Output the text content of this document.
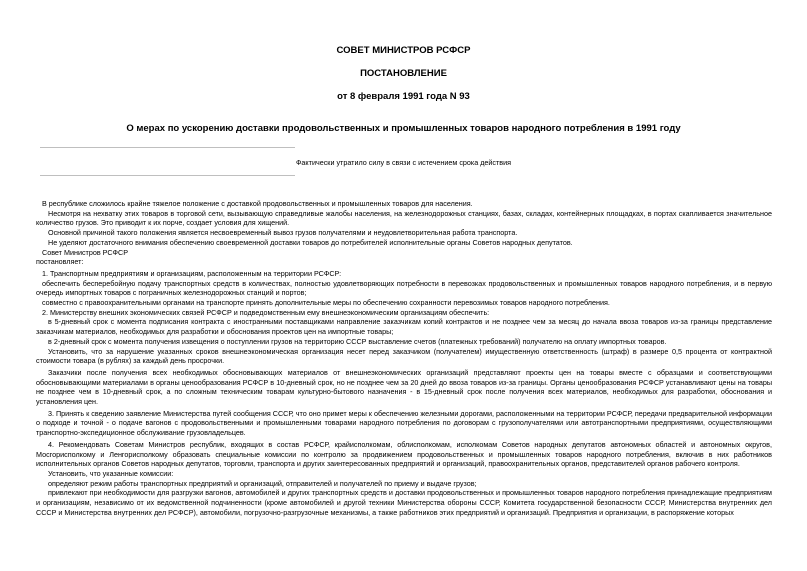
СОВЕТ МИНИСТРОВ РСФСР
ПОСТАНОВЛЕНИЕ
от 8 февраля 1991 года N 93
О мерах по ускорению доставки продовольственных и промышленных товаров народного потребления в 1991 году
Фактически утратило силу в связи с истечением срока действия

В республике сложилось крайне тяжелое положение с доставкой продовольственных и промышленных товаров для населения.

Несмотря на нехватку этих товаров в торговой сети, вызывающую справедливые жалобы населения, на железнодорожных станциях, базах, складах, контейнерных площадках, в портах скапливается значительное количество грузов. Это приводит к их порче, создает условия для хищений.

Основной причиной такого положения является несвоевременный вывоз грузов получателями и неудовлетворительная работа транспорта.

Не уделяют достаточного внимания обеспечению своевременной доставки товаров до потребителей исполнительные органы Советов народных депутатов.

Совет Министров РСФСР

постановляет:

1. Транспортным предприятиям и организациям, расположенным на территории РСФСР:

обеспечить бесперебойную подачу транспортных средств в количествах, полностью удовлетворяющих потребности в перевозках продовольственных и промышленных товаров народного потребления, и в первую очередь импортных товаров с пограничных железнодорожных станций и портов;

совместно с правоохранительными органами на транспорте принять дополнительные меры по обеспечению сохранности перевозимых товаров народного потребления.

2. Министерству внешних экономических связей РСФСР и подведомственным ему внешнеэкономическим организациям обеспечить:

в 5-дневный срок с момента подписания контракта с иностранными поставщиками направление заказчикам копий контрактов и не позднее чем за месяц до начала ввоза товаров из-за границы представление заказчикам материалов, необходимых для разработки и обоснования проектов цен на импортные товары;

в 2-дневный срок с момента получения извещения о поступлении грузов на территорию СССР выставление счетов (платежных требований) получателю на оплату импортных товаров.

Установить, что за нарушение указанных сроков внешнеэкономическая организация несет перед заказчиком (получателем) имущественную ответственность (штраф) в размере 0,5 процента от контрактной стоимости товара (в рублях) за каждый день просрочки.

Заказчики после получения всех необходимых обосновывающих материалов от внешнеэкономических организаций представляют проекты цен на товары вместе с образцами и соответствующими обосновывающими материалами в органы ценообразования РСФСР в 10-дневный срок, но не позднее чем за 20 дней до ввоза товаров из-за границы. Органы ценообразования РСФСР устанавливают цены на товары не позднее чем в 10-дневный срок, а по сложным техническим товарам культурно-бытового назначения - в 15-дневный срок после получения всех материалов, необходимых для разработки, обоснования и установления цен.

3. Принять к сведению заявление Министерства путей сообщения СССР, что оно примет меры к обеспечению железными дорогами, расположенными на территории РСФСР, передачи предварительной информации о подходе и точной - о подаче вагонов с продовольственными и промышленными товарами народного потребления по договорам с грузополучателями или автотранспортными предприятиями, осуществляющими транспортно-экспедиционное обслуживание грузовладельцев.

4. Рекомендовать Советам Министров республик, входящих в состав РСФСР, крайисполкомам, облисполкомам, исполкомам Советов народных депутатов автономных областей и автономных округов, Мосгорисполкому и Ленгорисполкому образовать специальные комиссии по контролю за продвижением продовольственных и промышленных товаров народного потребления, включив в них работников исполнительных органов Советов народных депутатов, торговли, транспорта и других заинтересованных предприятий и организаций, правоохранительных органов, представителей органов рабочего контроля.

Установить, что указанные комиссии:

определяют режим работы транспортных предприятий и организаций, отправителей и получателей по приему и выдаче грузов;

привлекают при необходимости для разгрузки вагонов, автомобилей и других транспортных средств и доставки продовольственных и промышленных товаров народного потребления принадлежащие предприятиям и организациям, независимо от их ведомственной подчиненности (кроме автомобилей и другой техники Министерства обороны СССР, Комитета государственной безопасности СССР, Министерства внутренних дел СССР и Министерства внутренних дел РСФСР), автомобили, погрузочно-разгрузочные механизмы, а также работников этих предприятий и организаций. Предприятия и организации, в распоряжение которых
